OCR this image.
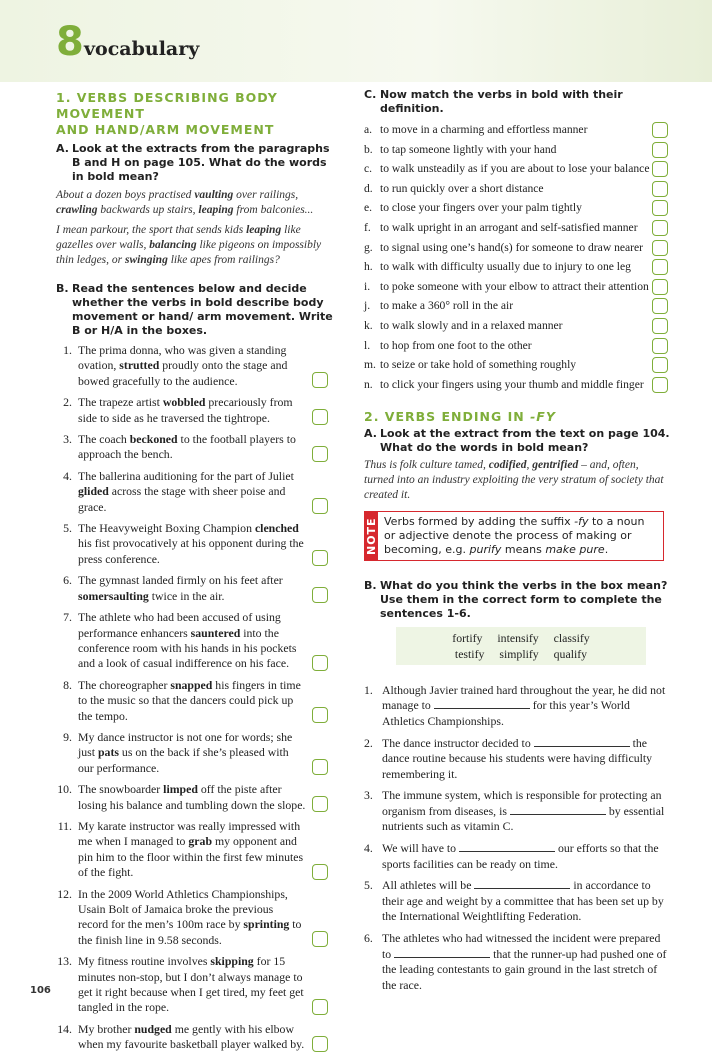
8 vocabulary
1. VERBS DESCRIBING BODY MOVEMENT
AND HAND/ARM MOVEMENT
A. Look at the extracts from the paragraphs B and H on page 105. What do the words in bold mean?
About a dozen boys practised vaulting over railings, crawling backwards up stairs, leaping from balconies...
I mean parkour, the sport that sends kids leaping like gazelles over walls, balancing like pigeons on impossibly thin ledges, or swinging like apes from railings?
B. Read the sentences below and decide whether the verbs in bold describe body movement or hand/ arm movement. Write B or H/A in the boxes.
1. The prima donna, who was given a standing ovation, strutted proudly onto the stage and bowed gracefully to the audience.
2. The trapeze artist wobbled precariously from side to side as he traversed the tightrope.
3. The coach beckoned to the football players to approach the bench.
4. The ballerina auditioning for the part of Juliet glided across the stage with sheer poise and grace.
5. The Heavyweight Boxing Champion clenched his fist provocatively at his opponent during the press conference.
6. The gymnast landed firmly on his feet after somersaulting twice in the air.
7. The athlete who had been accused of using performance enhancers sauntered into the conference room with his hands in his pockets and a look of casual indifference on his face.
8. The choreographer snapped his fingers in time to the music so that the dancers could pick up the tempo.
9. My dance instructor is not one for words; she just pats us on the back if she’s pleased with our performance.
10. The snowboarder limped off the piste after losing his balance and tumbling down the slope.
11. My karate instructor was really impressed with me when I managed to grab my opponent and pin him to the floor within the first few minutes of the fight.
12. In the 2009 World Athletics Championships, Usain Bolt of Jamaica broke the previous record for the men’s 100m race by sprinting to the finish line in 9.58 seconds.
13. My fitness routine involves skipping for 15 minutes non-stop, but I don’t always manage to get it right because when I get tired, my feet get tangled in the rope.
14. My brother nudged me gently with his elbow when my favourite basketball player walked by.
C. Now match the verbs in bold with their definition.
a. to move in a charming and effortless manner
b. to tap someone lightly with your hand
c. to walk unsteadily as if you are about to lose your balance
d. to run quickly over a short distance
e. to close your fingers over your palm tightly
f. to walk upright in an arrogant and self-satisfied manner
g. to signal using one’s hand(s) for someone to draw nearer
h. to walk with difficulty usually due to injury to one leg
i. to poke someone with your elbow to attract their attention
j. to make a 360° roll in the air
k. to walk slowly and in a relaxed manner
l. to hop from one foot to the other
m. to seize or take hold of something roughly
n. to click your fingers using your thumb and middle finger
2. VERBS ENDING IN -FY
A. Look at the extract from the text on page 104. What do the words in bold mean?
Thus is folk culture tamed, codified, gentrified – and, often, turned into an industry exploiting the very stratum of society that created it.
NOTE Verbs formed by adding the suffix -fy to a noun or adjective denote the process of making or becoming, e.g. purify means make pure.
B. What do you think the verbs in the box mean? Use them in the correct form to complete the sentences 1-6.
fortify intensify classify
testify simplify qualify
1. Although Javier trained hard throughout the year, he did not manage to	for this year’s World Athletics Championships.
2. The dance instructor decided to	the dance routine because his students were having difficulty remembering it.
3. The immune system, which is responsible for protecting an organism from diseases, is	by essential nutrients such as vitamin C.
4. We will have to	our efforts so that the sports facilities can be ready on time.
5. All athletes will be	in accordance to their age and weight by a committee that has been set up by the International Weightlifting Federation.
6. The athletes who had witnessed the incident were prepared to	that the runner-up had pushed one of the leading contestants to gain ground in the last stretch of the race.
106
